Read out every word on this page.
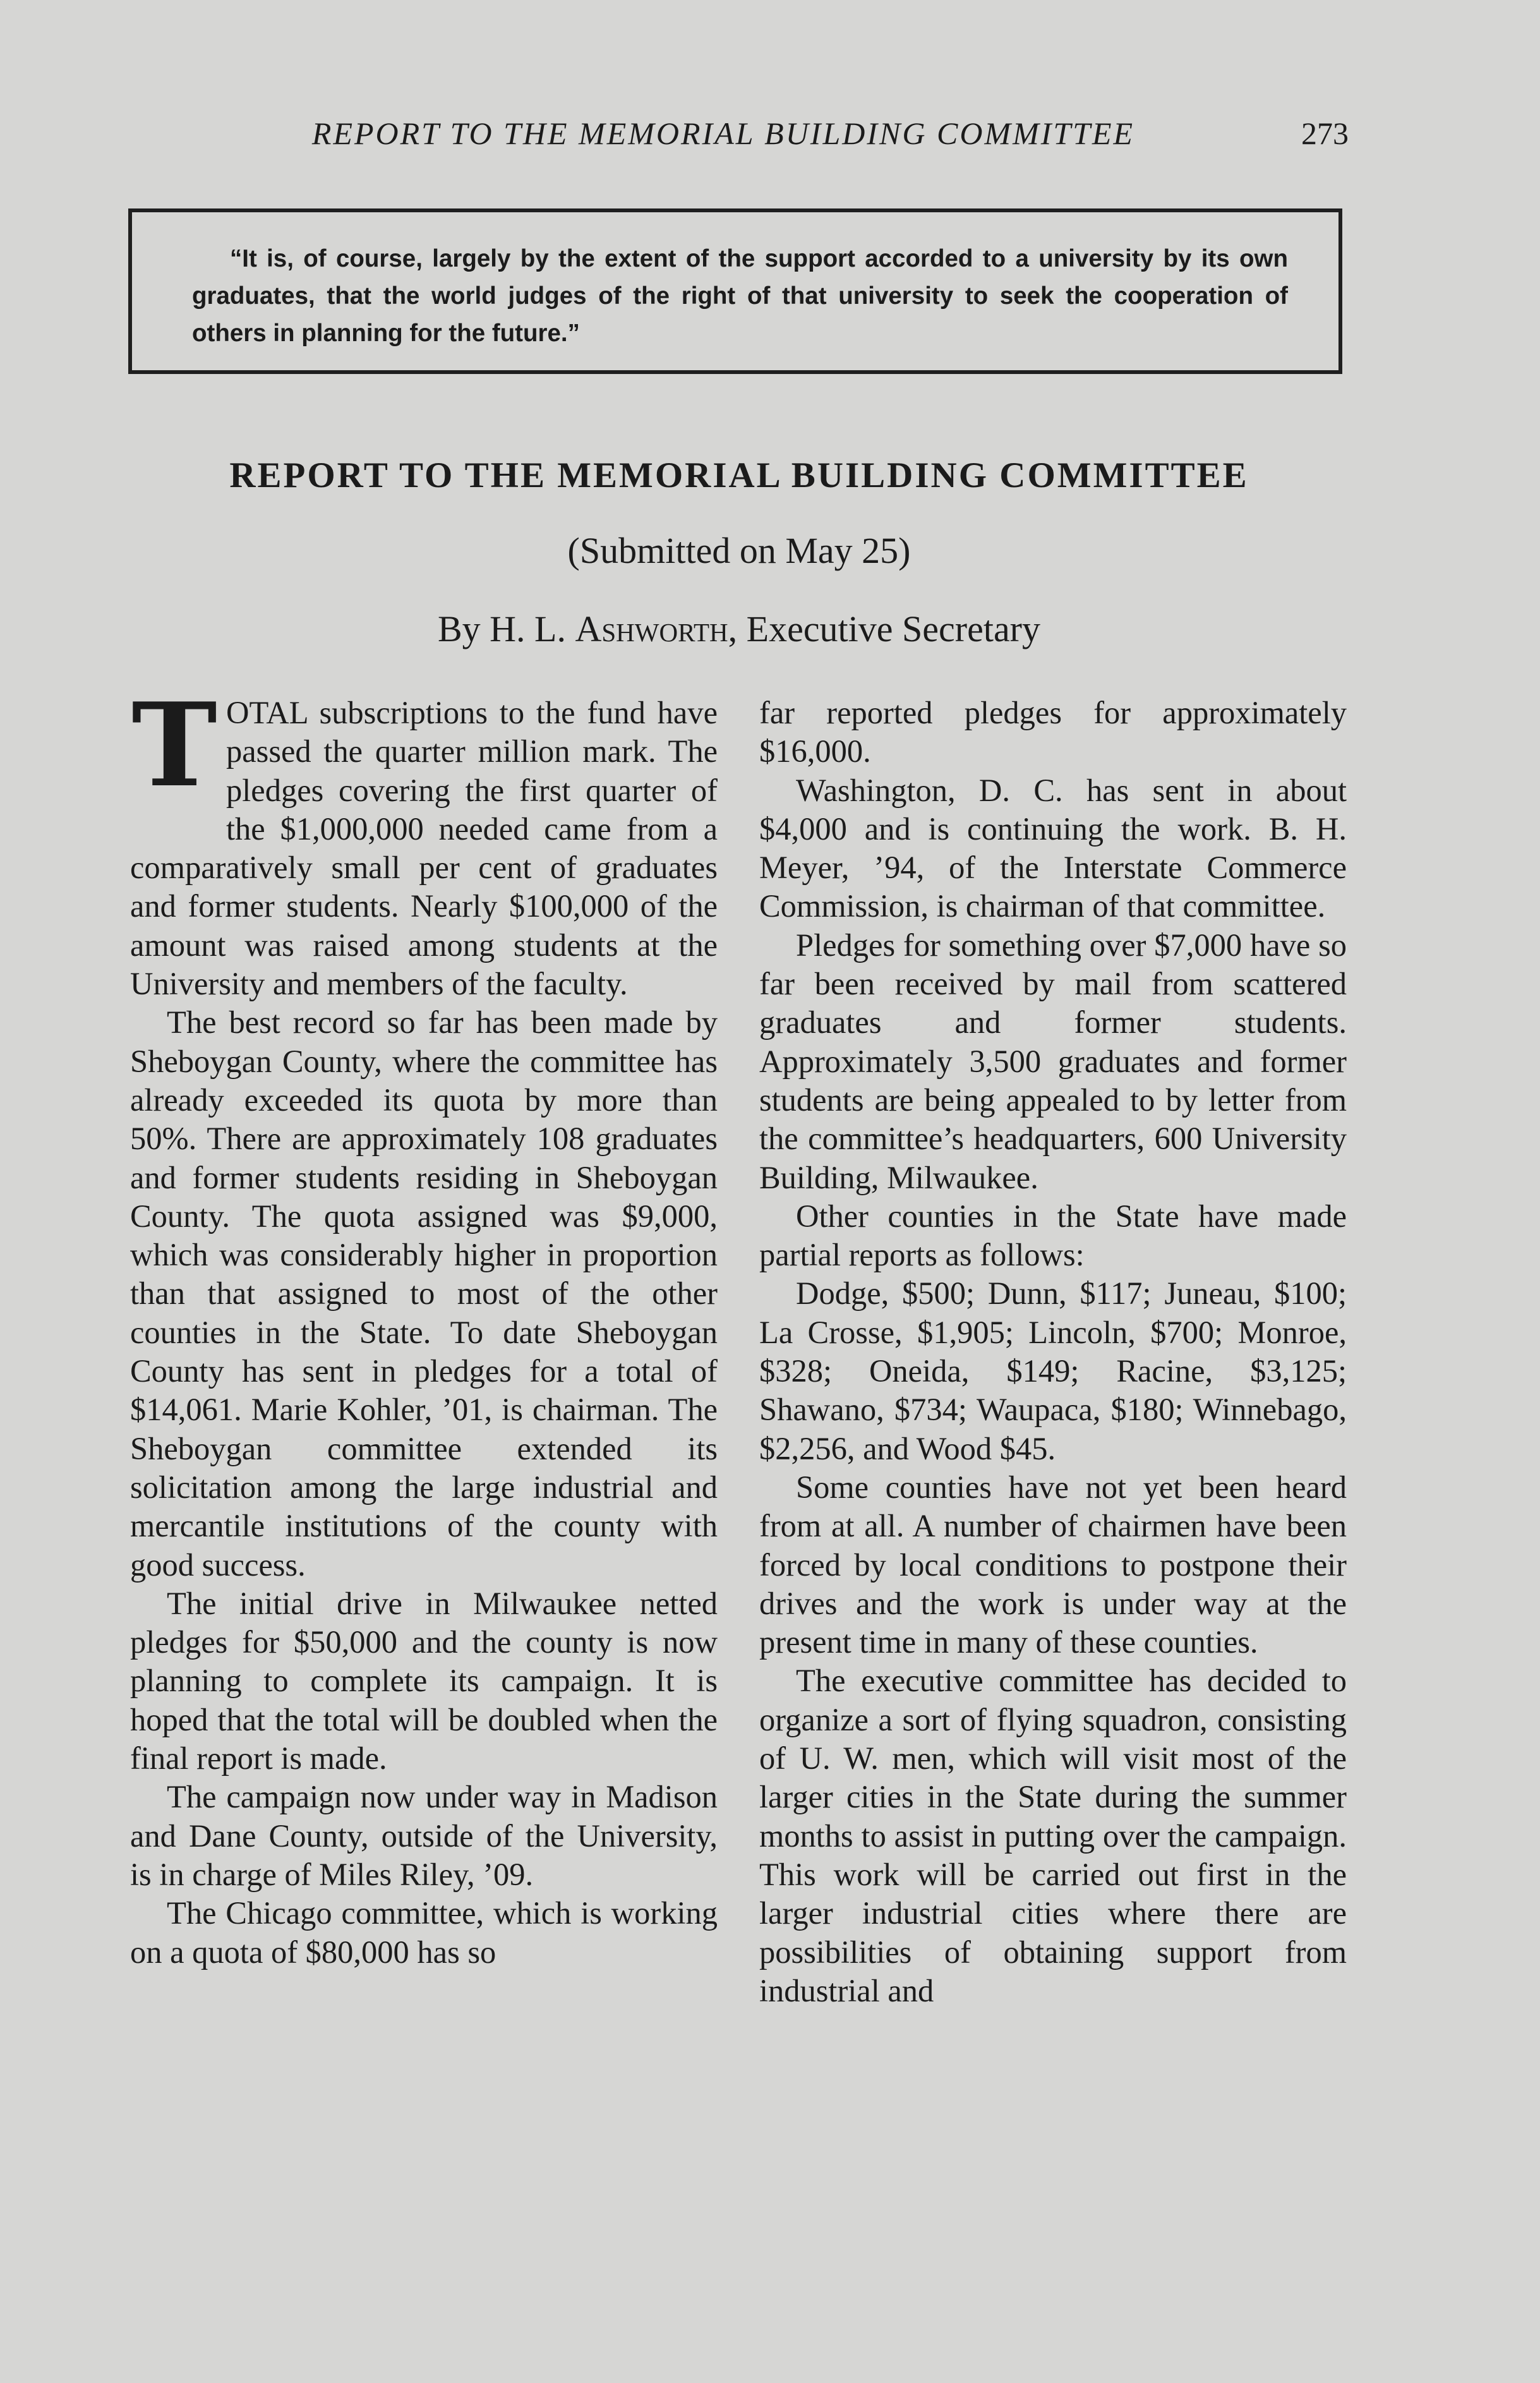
REPORT TO THE MEMORIAL BUILDING COMMITTEE	273

“It is, of course, largely by the extent of the support accorded to a university by its own graduates, that the world judges of the right of that university to seek the cooperation of others in planning for the future.”

REPORT TO THE MEMORIAL BUILDING COMMITTEE
(Submitted on May 25)
By H. L. Ashworth, Executive Secretary

TOTAL subscriptions to the fund have passed the quarter million mark. The pledges covering the first quarter of the $1,000,000 needed came from a comparatively small per cent of graduates and former students. Nearly $100,000 of the amount was raised among students at the University and members of the faculty.

The best record so far has been made by Sheboygan County, where the committee has already exceeded its quota by more than 50%. There are approximately 108 graduates and former students residing in Sheboygan County. The quota assigned was $9,000, which was considerably higher in proportion than that assigned to most of the other counties in the State. To date Sheboygan County has sent in pledges for a total of $14,061. Marie Kohler, ’01, is chairman. The Sheboygan committee extended its solicitation among the large industrial and mercantile institutions of the county with good success.

The initial drive in Milwaukee netted pledges for $50,000 and the county is now planning to complete its campaign. It is hoped that the total will be doubled when the final report is made.

The campaign now under way in Madison and Dane County, outside of the University, is in charge of Miles Riley, ’09.

The Chicago committee, which is working on a quota of $80,000 has so

far reported pledges for approximately $16,000.

Washington, D. C. has sent in about $4,000 and is continuing the work. B. H. Meyer, ’94, of the Interstate Commerce Commission, is chairman of that committee.

Pledges for something over $7,000 have so far been received by mail from scattered graduates and former students. Approximately 3,500 graduates and former students are being appealed to by letter from the committee’s headquarters, 600 University Building, Milwaukee.

Other counties in the State have made partial reports as follows:

Dodge, $500; Dunn, $117; Juneau, $100; La Crosse, $1,905; Lincoln, $700; Monroe, $328; Oneida, $149; Racine, $3,125; Shawano, $734; Waupaca, $180; Winnebago, $2,256, and Wood $45.

Some counties have not yet been heard from at all. A number of chairmen have been forced by local conditions to postpone their drives and the work is under way at the present time in many of these counties.

The executive committee has decided to organize a sort of flying squadron, consisting of U. W. men, which will visit most of the larger cities in the State during the summer months to assist in putting over the campaign. This work will be carried out first in the larger industrial cities where there are possibilities of obtaining support from industrial and
